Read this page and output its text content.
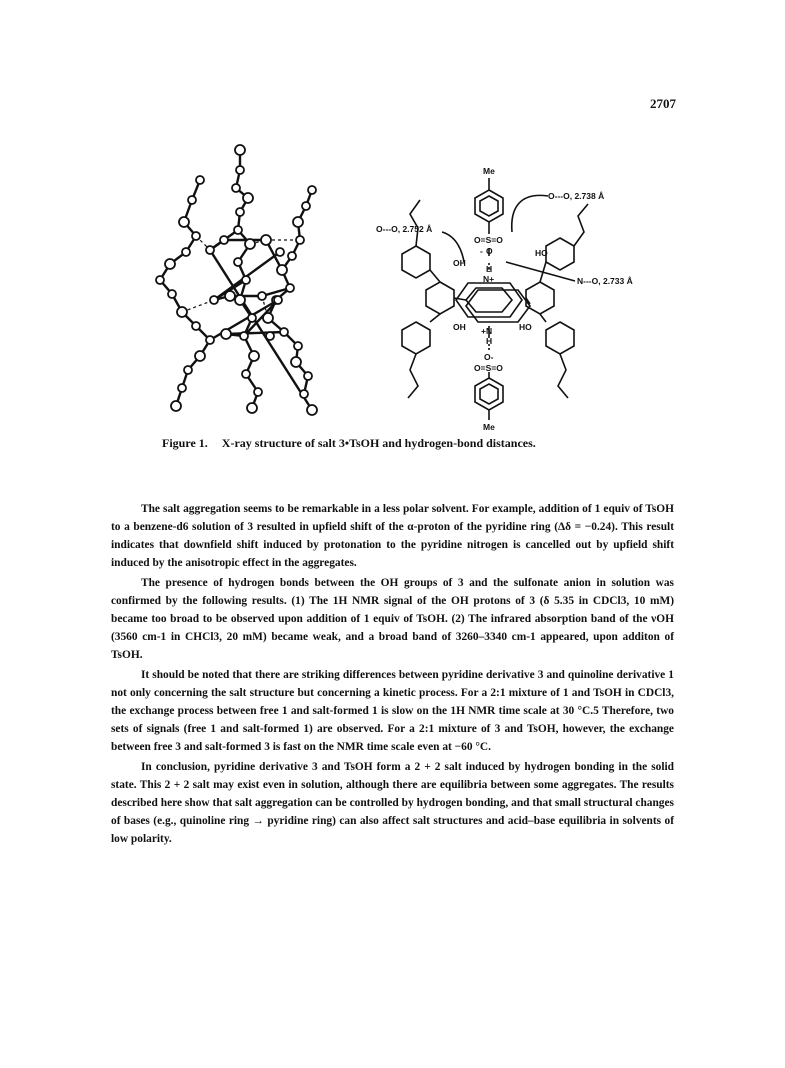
2707
Me
O---O, 2.738 Å
O---O, 2.752 Å
O=S=O
O
-
H
N+	N---O, 2.733 Å
OH
HO
+N
H
O-
O=S=O
OH	HO
Me
Figure 1. X-ray structure of salt 3•TsOH and hydrogen-bond distances.

The salt aggregation seems to be remarkable in a less polar solvent. For example, addition of 1 equiv of TsOH to a benzene-d6 solution of 3 resulted in upfield shift of the α-proton of the pyridine ring (Δδ = −0.24). This result indicates that downfield shift induced by protonation to the pyridine nitrogen is cancelled out by upfield shift induced by the anisotropic effect in the aggregates.

The presence of hydrogen bonds between the OH groups of 3 and the sulfonate anion in solution was confirmed by the following results. (1) The 1H NMR signal of the OH protons of 3 (δ 5.35 in CDCl3, 10 mM) became too broad to be observed upon addition of 1 equiv of TsOH. (2) The infrared absorption band of the νOH (3560 cm-1 in CHCl3, 20 mM) became weak, and a broad band of 3260–3340 cm-1 appeared, upon additon of TsOH.

It should be noted that there are striking differences between pyridine derivative 3 and quinoline derivative 1 not only concerning the salt structure but concerning a kinetic process. For a 2:1 mixture of 1 and TsOH in CDCl3, the exchange process between free 1 and salt-formed 1 is slow on the 1H NMR time scale at 30 °C.5 Therefore, two sets of signals (free 1 and salt-formed 1) are observed. For a 2:1 mixture of 3 and TsOH, however, the exchange between free 3 and salt-formed 3 is fast on the NMR time scale even at −60 °C.

In conclusion, pyridine derivative 3 and TsOH form a 2 + 2 salt induced by hydrogen bonding in the solid state. This 2 + 2 salt may exist even in solution, although there are equilibria between some aggregates. The results described here show that salt aggregation can be controlled by hydrogen bonding, and that small structural changes of bases (e.g., quinoline ring → pyridine ring) can also affect salt structures and acid–base equilibria in solvents of low polarity.
